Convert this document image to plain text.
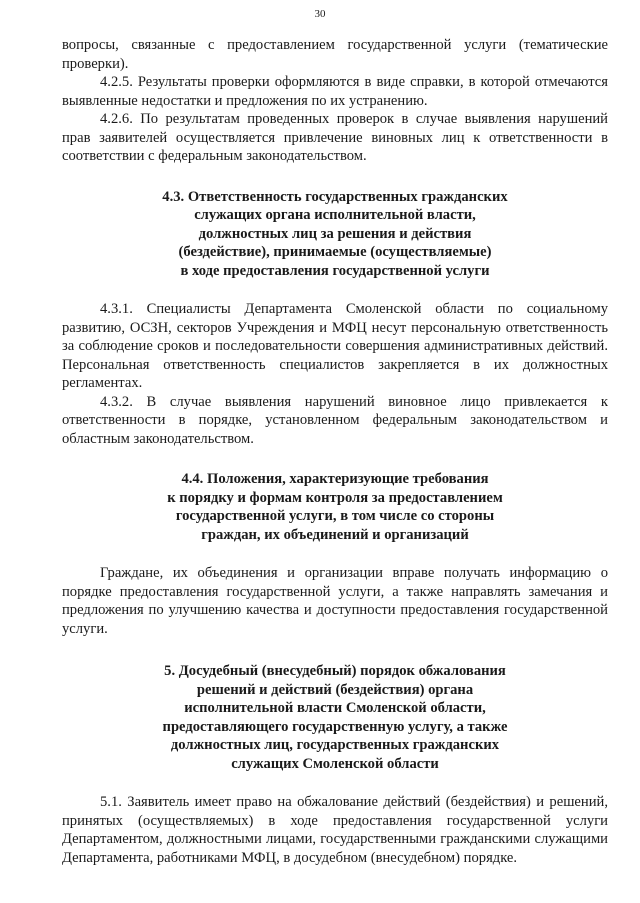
30

вопросы, связанные с предоставлением государственной услуги (тематические проверки).

4.2.5. Результаты проверки оформляются в виде справки, в которой отмечаются выявленные недостатки и предложения по их устранению.

4.2.6. По результатам проведенных проверок в случае выявления нарушений прав заявителей осуществляется привлечение виновных лиц к ответственности в соответствии с федеральным законодательством.

4.3. Ответственность государственных гражданских
служащих органа исполнительной власти,
должностных лиц за решения и действия
(бездействие), принимаемые (осуществляемые)
в ходе предоставления государственной услуги

4.3.1. Специалисты Департамента Смоленской области по социальному развитию, ОСЗН, секторов Учреждения и МФЦ несут персональную ответственность за соблюдение сроков и последовательности совершения административных действий. Персональная ответственность специалистов закрепляется в их должностных регламентах.

4.3.2. В случае выявления нарушений виновное лицо привлекается к ответственности в порядке, установленном федеральным законодательством и областным законодательством.

4.4. Положения, характеризующие требования
к порядку и формам контроля за предоставлением
государственной услуги, в том числе со стороны
граждан, их объединений и организаций

Граждане, их объединения и организации вправе получать информацию о порядке предоставления государственной услуги, а также направлять замечания и предложения по улучшению качества и доступности предоставления государственной услуги.

5. Досудебный (внесудебный) порядок обжалования
решений и действий (бездействия) органа
исполнительной власти Смоленской области,
предоставляющего государственную услугу, а также
должностных лиц, государственных гражданских
служащих Смоленской области

5.1. Заявитель имеет право на обжалование действий (бездействия) и решений, принятых (осуществляемых) в ходе предоставления государственной услуги Департаментом, должностными лицами, государственными гражданскими служащими Департамента, работниками МФЦ, в досудебном (внесудебном) порядке.
